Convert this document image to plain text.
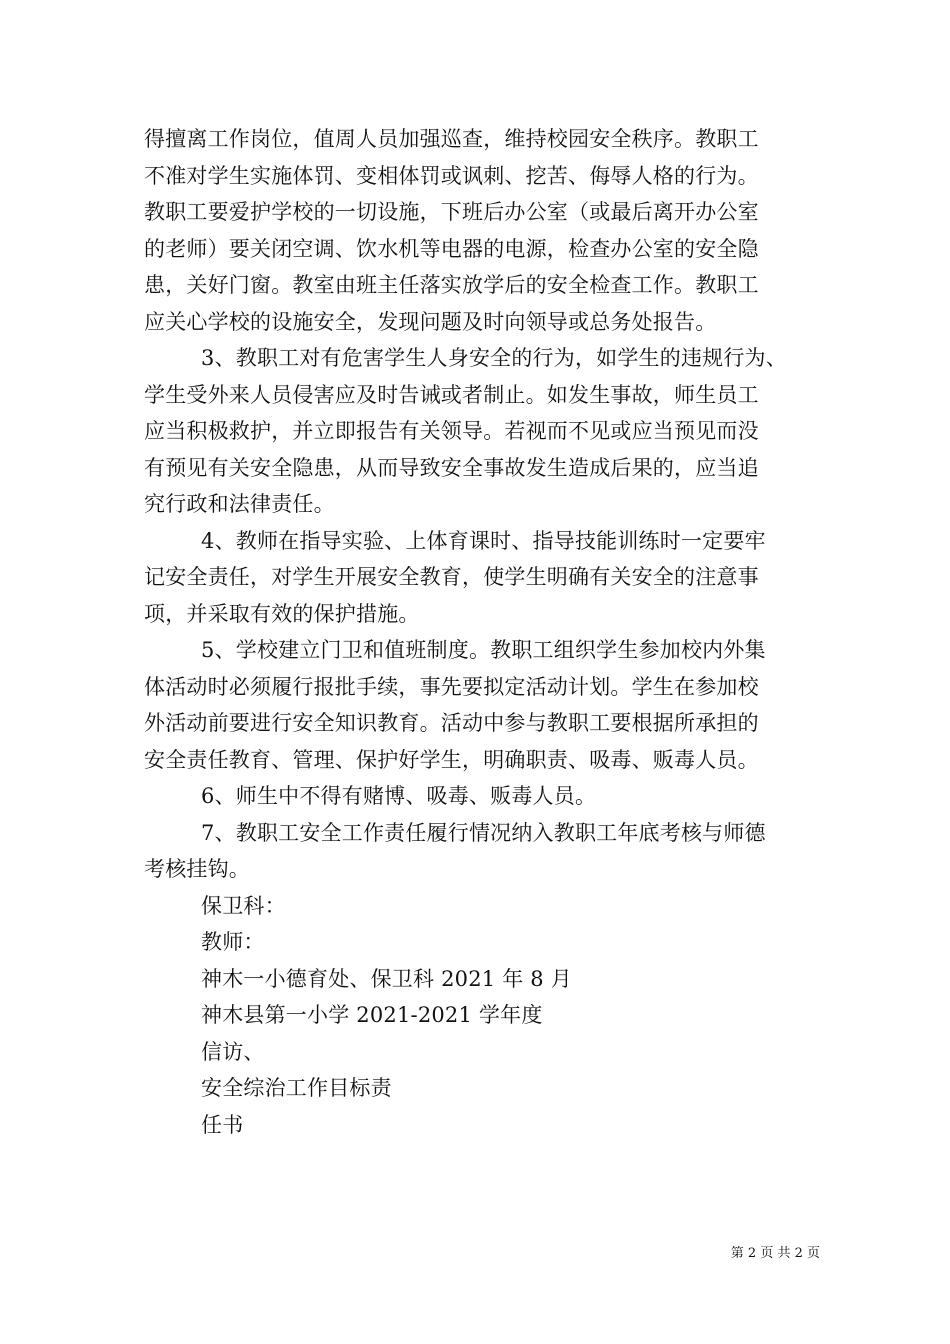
得擅离工作岗位，值周人员加强巡查，维持校园安全秩序。教职工
不准对学生实施体罚、变相体罚或讽刺、挖苦、侮辱人格的行为。
教职工要爱护学校的一切设施，下班后办公室（或最后离开办公室
的老师）要关闭空调、饮水机等电器的电源，检查办公室的安全隐
患，关好门窗。教室由班主任落实放学后的安全检查工作。教职工
应关心学校的设施安全，发现问题及时向领导或总务处报告。
3、教职工对有危害学生人身安全的行为，如学生的违规行为、
学生受外来人员侵害应及时告诫或者制止。如发生事故，师生员工
应当积极救护，并立即报告有关领导。若视而不见或应当预见而没
有预见有关安全隐患，从而导致安全事故发生造成后果的，应当追
究行政和法律责任。
4、教师在指导实验、上体育课时、指导技能训练时一定要牢
记安全责任，对学生开展安全教育，使学生明确有关安全的注意事
项，并采取有效的保护措施。
5、学校建立门卫和值班制度。教职工组织学生参加校内外集
体活动时必须履行报批手续，事先要拟定活动计划。学生在参加校
外活动前要进行安全知识教育。活动中参与教职工要根据所承担的
安全责任教育、管理、保护好学生，明确职责、吸毒、贩毒人员。
6、师生中不得有赌博、吸毒、贩毒人员。
7、教职工安全工作责任履行情况纳入教职工年底考核与师德
考核挂钩。
保卫科：
教师：
神木一小德育处、保卫科 2021 年 8 月
神木县第一小学 2021-2021 学年度
信访、
安全综治工作目标责
任书
第 2 页 共 2 页
